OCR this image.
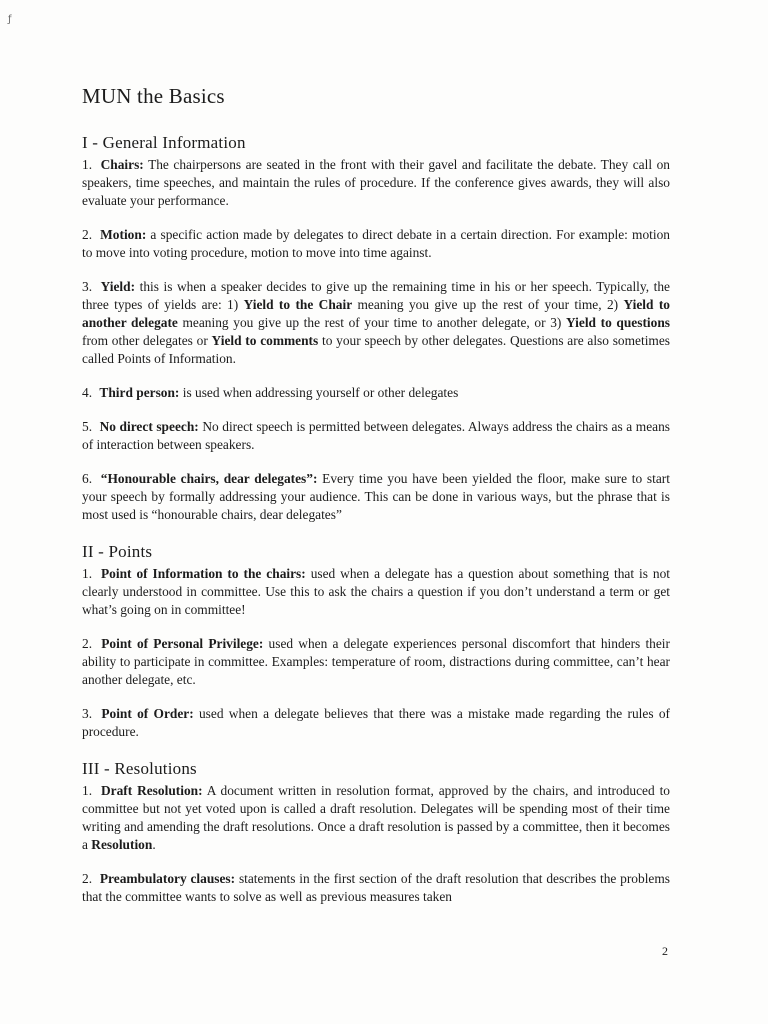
ƒ
MUN the Basics
I - General Information

1. Chairs: The chairpersons are seated in the front with their gavel and facilitate the debate. They call on speakers, time speeches, and maintain the rules of procedure. If the conference gives awards, they will also evaluate your performance.

2. Motion: a specific action made by delegates to direct debate in a certain direction. For example: motion to move into voting procedure, motion to move into time against.

3. Yield: this is when a speaker decides to give up the remaining time in his or her speech. Typically, the three types of yields are: 1) Yield to the Chair meaning you give up the rest of your time, 2) Yield to another delegate meaning you give up the rest of your time to another delegate, or 3) Yield to questions from other delegates or Yield to comments to your speech by other delegates. Questions are also sometimes called Points of Information.

4. Third person: is used when addressing yourself or other delegates

5. No direct speech: No direct speech is permitted between delegates. Always address the chairs as a means of interaction between speakers.

6. “Honourable chairs, dear delegates”: Every time you have been yielded the floor, make sure to start your speech by formally addressing your audience. This can be done in various ways, but the phrase that is most used is “honourable chairs, dear delegates”

II - Points

1. Point of Information to the chairs: used when a delegate has a question about something that is not clearly understood in committee. Use this to ask the chairs a question if you don’t understand a term or get what’s going on in committee!

2. Point of Personal Privilege: used when a delegate experiences personal discomfort that hinders their ability to participate in committee. Examples: temperature of room, distractions during committee, can’t hear another delegate, etc.

3. Point of Order: used when a delegate believes that there was a mistake made regarding the rules of procedure.

III - Resolutions

1. Draft Resolution: A document written in resolution format, approved by the chairs, and introduced to committee but not yet voted upon is called a draft resolution. Delegates will be spending most of their time writing and amending the draft resolutions. Once a draft resolution is passed by a committee, then it becomes a Resolution.

2. Preambulatory clauses: statements in the first section of the draft resolution that describes the problems that the committee wants to solve as well as previous measures taken

2
